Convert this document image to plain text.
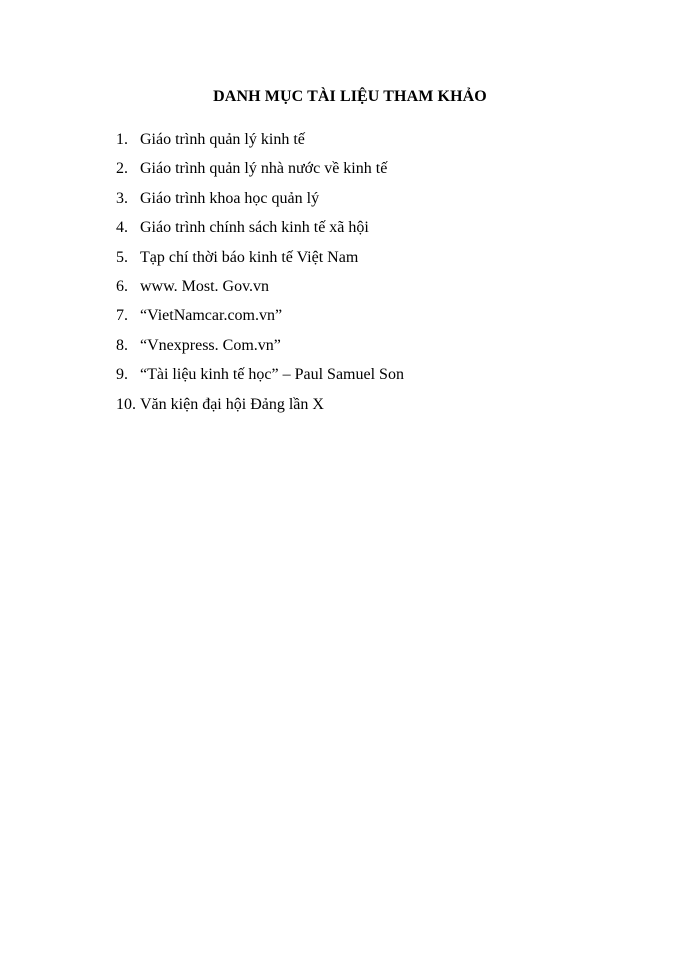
DANH MỤC TÀI LIỆU THAM KHẢO
1. Giáo trình quản lý kinh tế
2. Giáo trình quản lý nhà nước về kinh tế
3. Giáo trình khoa học quản lý
4. Giáo trình chính sách kinh tế xã hội
5. Tạp chí thời báo kinh tế Việt Nam
6. www. Most. Gov.vn
7. “VietNamcar.com.vn”
8. “Vnexpress. Com.vn”
9. “Tài liệu kinh tế học” – Paul Samuel Son
10. Văn kiện đại hội Đảng lần X
